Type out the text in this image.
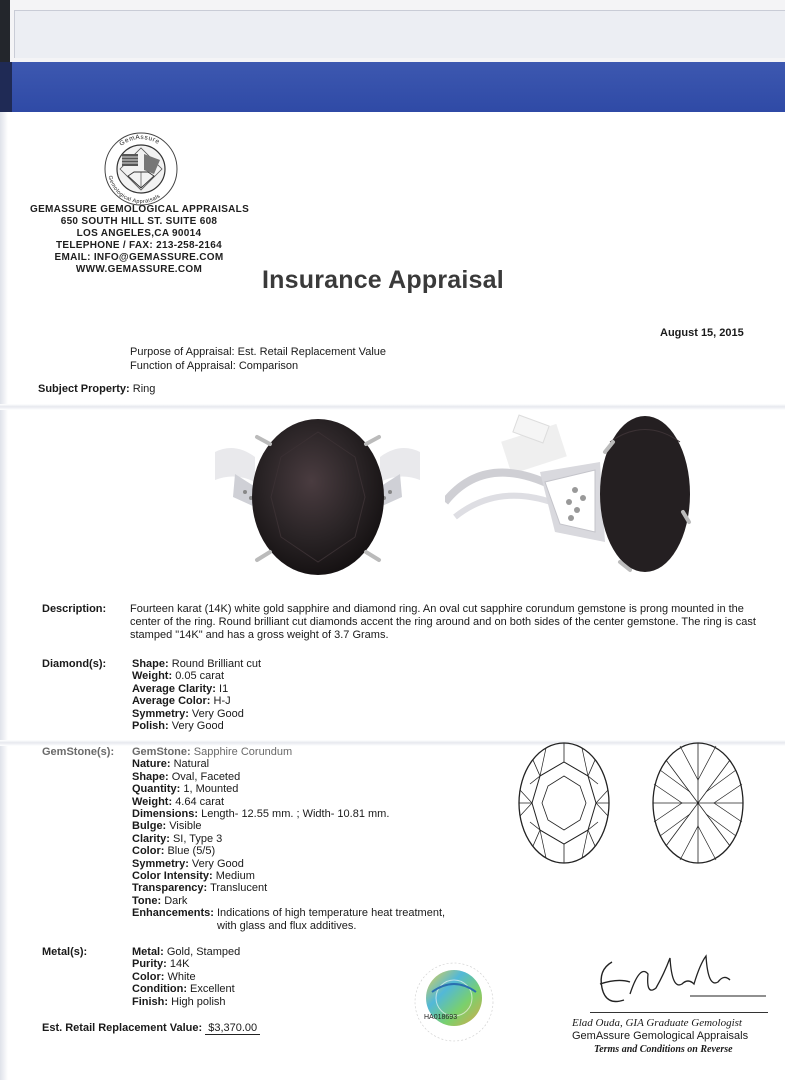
GemAssure
Gemological Appraisals
GEMASSURE GEMOLOGICAL APPRAISALS
650 SOUTH HILL ST. SUITE 608
LOS ANGELES,CA 90014
TELEPHONE / FAX: 213-258-2164
EMAIL: INFO@GEMASSURE.COM
WWW.GEMASSURE.COM	Insurance Appraisal
August 15, 2015
Purpose of Appraisal: Est. Retail Replacement Value
Function of Appraisal: Comparison
Subject Property: Ring
Description: Fourteen karat (14K) white gold sapphire and diamond ring. An oval cut sapphire corundum gemstone is prong mounted in the center of the ring. Round brilliant cut diamonds accent the ring around and on both sides of the center gemstone. The ring is cast stamped "14K" and has a gross weight of 3.7 Grams.
Diamond(s): Shape: Round Brilliant cut
Weight: 0.05 carat
Average Clarity: I1
Average Color: H-J
Symmetry: Very Good
Polish: Very Good
GemStone(s): GemStone: Sapphire Corundum
Nature: Natural
Shape: Oval, Faceted
Quantity: 1, Mounted
Weight: 4.64 carat
Dimensions: Length- 12.55 mm. ; Width- 10.81 mm.
Bulge: Visible
Clarity: SI, Type 3
Color: Blue (5/5)
Symmetry: Very Good
Color Intensity: Medium
Transparency: Translucent
Tone: Dark
Enhancements: Indications of high temperature heat treatment,
with glass and flux additives.
Metal(s):	Metal: Gold, Stamped
Purity: 14K
Color: White
Condition: Excellent
Finish: High polish
Est. Retail Replacement Value: $3,370.00
HA018693	Elad Ouda, GIA Graduate Gemologist
GemAssure Gemological Appraisals
Terms and Conditions on Reverse
